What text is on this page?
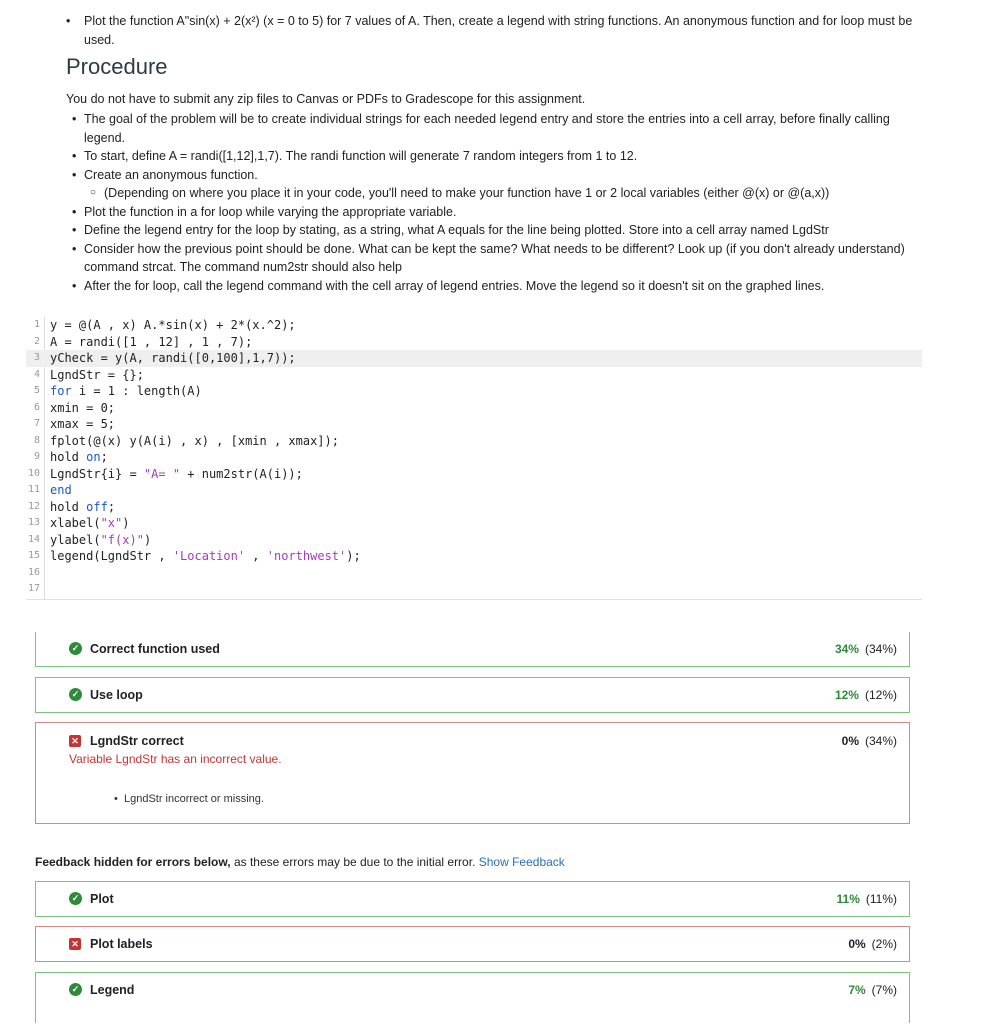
•	Plot the function A"sin(x) + 2(x²) (x = 0 to 5) for 7 values of A. Then, create a legend with string functions. An anonymous function and for loop must be used.
Procedure
You do not have to submit any zip files to Canvas or PDFs to Gradescope for this assignment.
• The goal of the problem will be to create individual strings for each needed legend entry and store the entries into a cell array, before finally calling legend.
• To start, define A = randi([1,12],1,7). The randi function will generate 7 random integers from 1 to 12.
• Create an anonymous function.
○ (Depending on where you place it in your code, you'll need to make your function have 1 or 2 local variables (either @(x) or @(a,x))
• Plot the function in a for loop while varying the appropriate variable.
• Define the legend entry for the loop by stating, as a string, what A equals for the line being plotted. Store into a cell array named LgdStr
• Consider how the previous point should be done. What can be kept the same? What needs to be different? Look up (if you don't already understand) command strcat. The command num2str should also help
• After the for loop, call the legend command with the cell array of legend entries. Move the legend so it doesn't sit on the graphed lines.
1 y = @(A , x) A.*sin(x) + 2*(x.^2);
2 A = randi([1 , 12] , 1 , 7);
3 yCheck = y(A, randi([0,100],1,7));
4 LgndStr = {};
5 for i = 1 : length(A)
6 xmin = 0;
7 xmax = 5;
8 fplot(@(x) y(A(i) , x) , [xmin , xmax]);
9 hold on;
10 LgndStr{i} = "A= " + num2str(A(i));
11 end
12 hold off;
13 xlabel("x")
14 ylabel("f(x)")
15 legend(LgndStr , 'Location' , 'northwest');
16
17
✓ Correct function used	34% (34%)
✓ Use loop	12% (12%)
✕ LgndStr correct	0% (34%)
Variable LgndStr has an incorrect value.
•  LgndStr incorrect or missing.
Feedback hidden for errors below, as these errors may be due to the initial error. Show Feedback
✓ Plot	11% (11%)
✕ Plot labels	0% (2%)
✓ Legend	7% (7%)
